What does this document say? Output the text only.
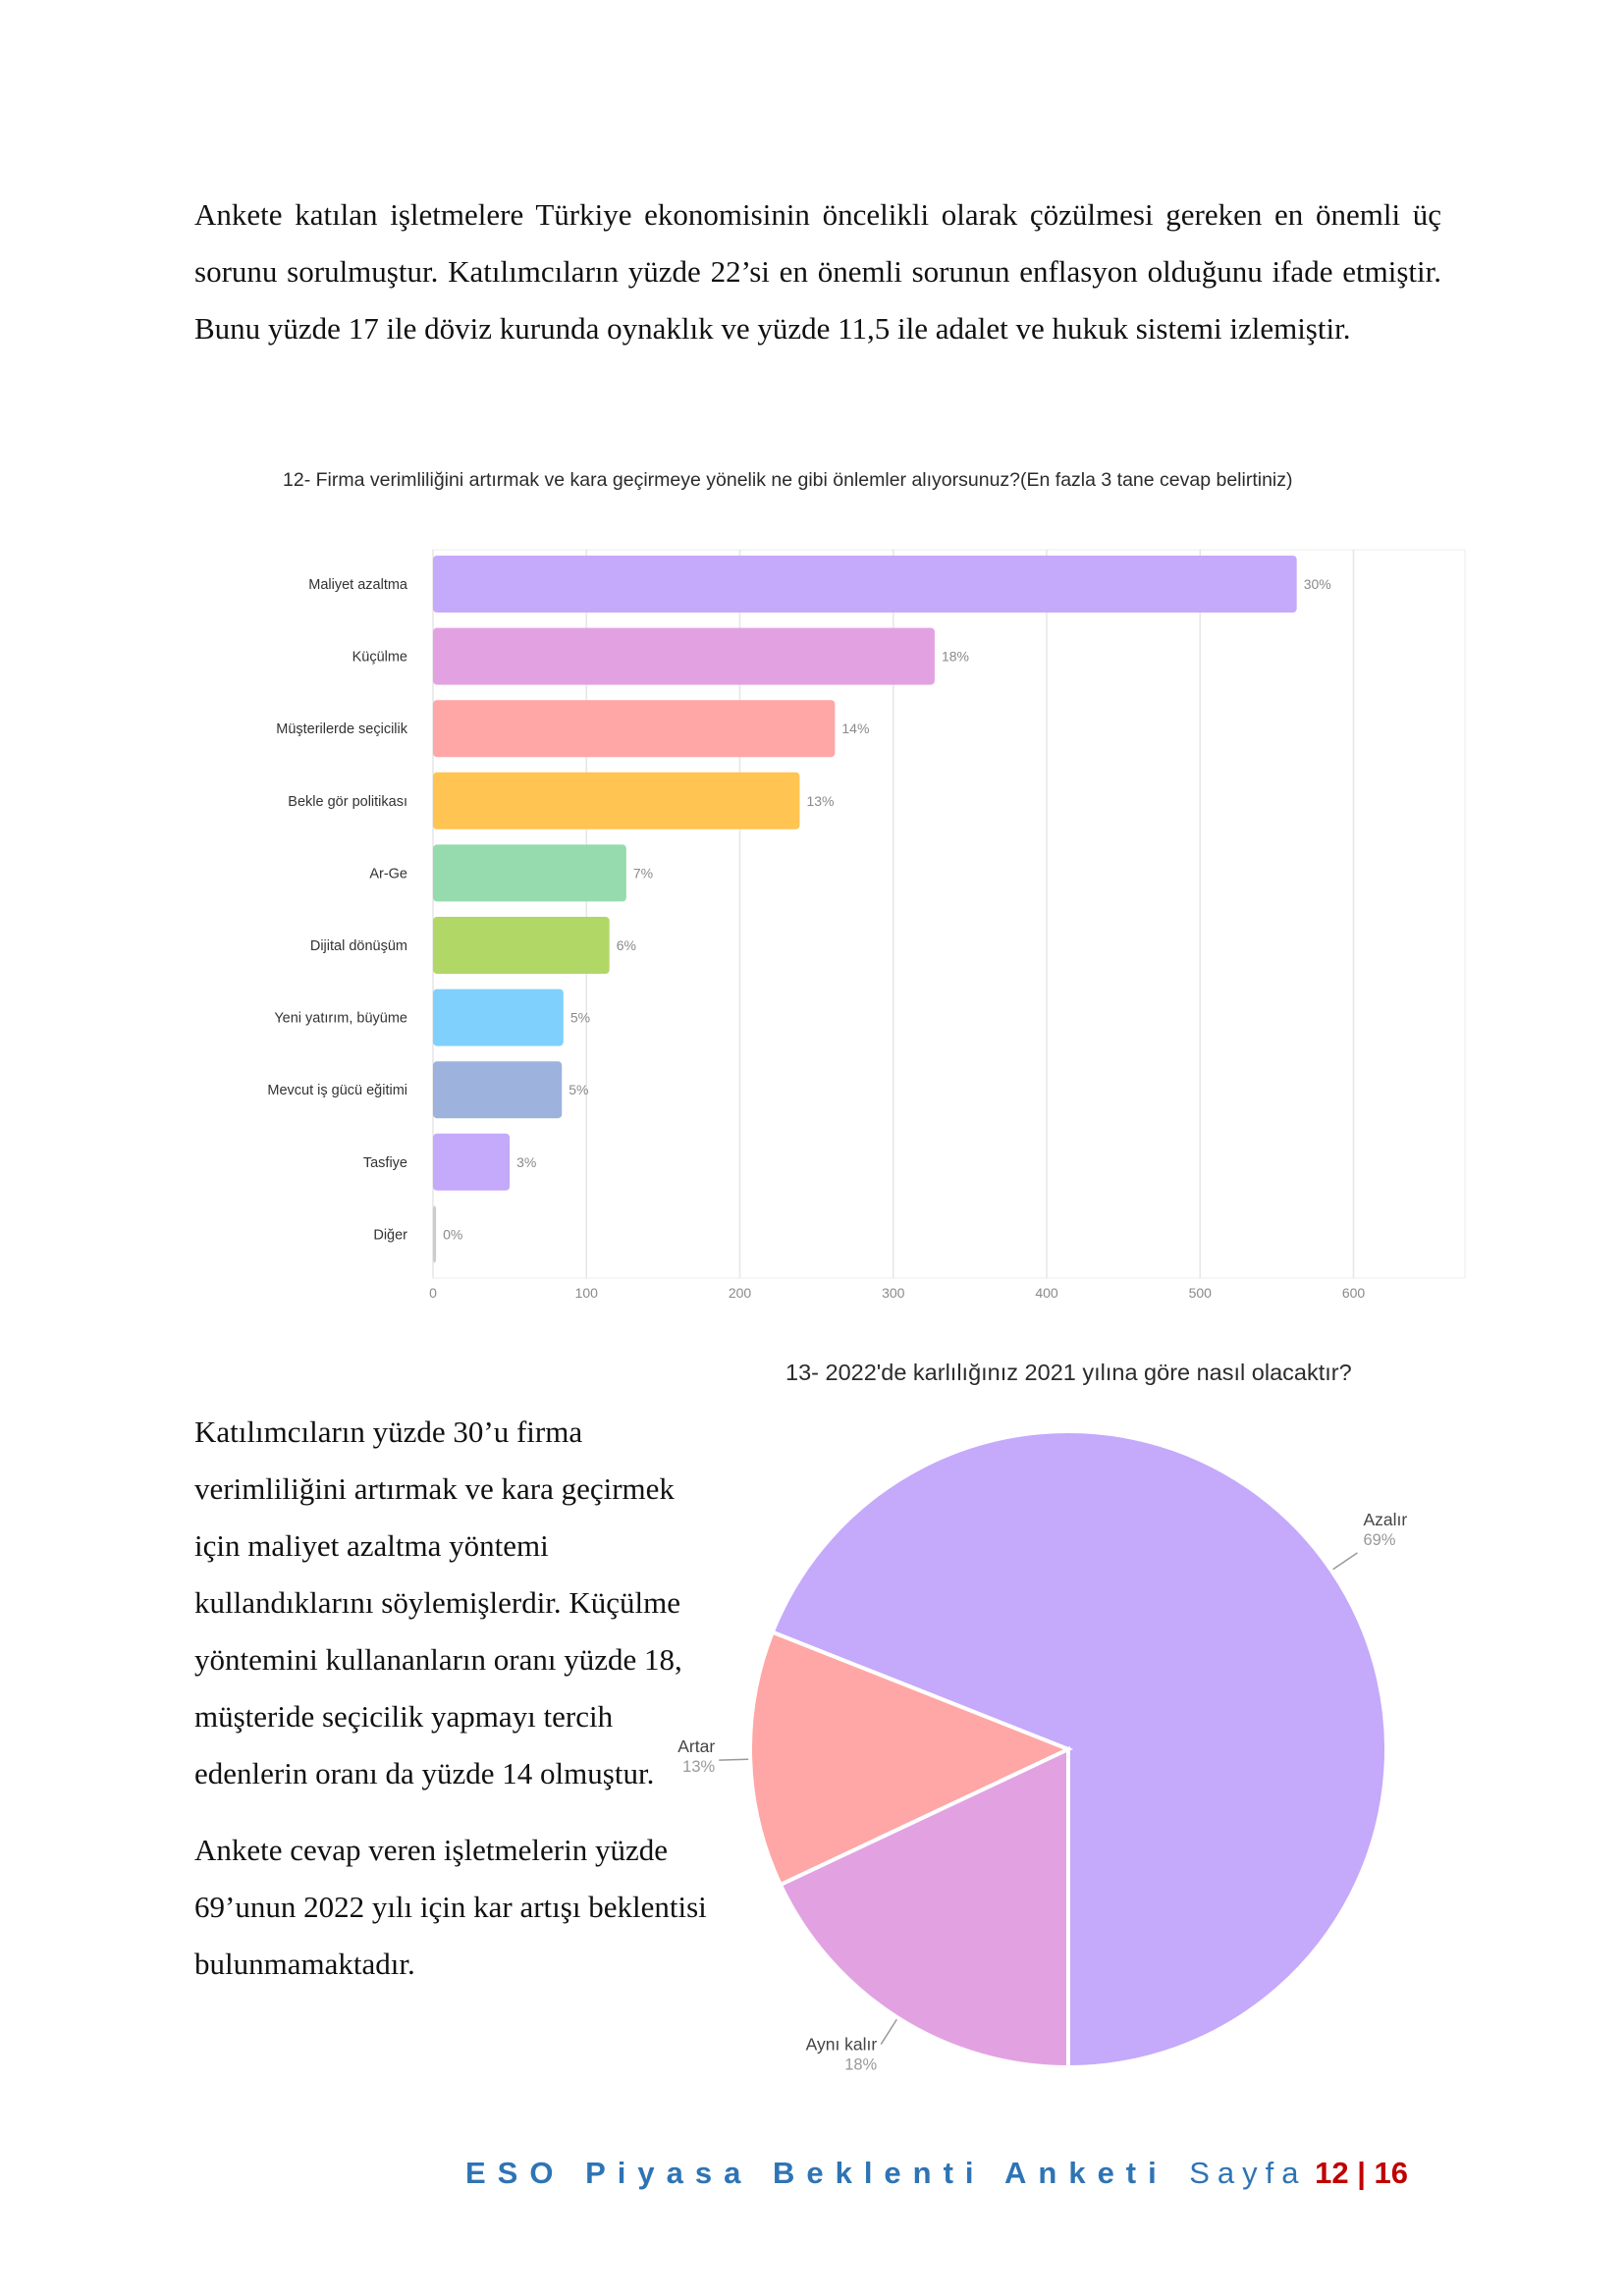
Ankete katılan işletmelere Türkiye ekonomisinin öncelikli olarak çözülmesi gereken en önemli üç sorunu sorulmuştur. Katılımcıların yüzde 22’si en önemli sorunun enflasyon olduğunu ifade etmiştir. Bunu yüzde 17 ile döviz kurunda oynaklık ve yüzde 11,5 ile adalet ve hukuk sistemi izlemiştir.

12- Firma verimliliğini artırmak ve kara geçirmeye yönelik ne gibi önlemler alıyorsunuz?(En fazla 3 tane cevap belirtiniz)

0	100	200	300	400	500	600
Maliyet azaltma	30%
Küçülme	18%
Müşterilerde seçicilik	14%
Bekle gör politikası	13%
Ar-Ge	7%
Dijital dönüşüm	6%
Yeni yatırım, büyüme	5%
Mevcut iş gücü eğitimi	5%
Tasfiye	3%
Diğer	0%

13- 2022'de karlılığınız 2021 yılına göre nasıl olacaktır?

Azalır
69%
Aynı kalır
18%
Artar
13%

Katılımcıların yüzde 30’u firma verimliliğini artırmak ve kara geçirmek için maliyet azaltma yöntemi kullandıklarını söylemişlerdir. Küçülme yöntemini kullananların oranı yüzde 18, müşteride seçicilik yapmayı tercih edenlerin oranı da yüzde 14 olmuştur.

Ankete cevap veren işletmelerin yüzde 69’unun 2022 yılı için kar artışı beklentisi bulunmamaktadır.

ESO Piyasa Beklenti Anketi Sayfa 12 | 16
